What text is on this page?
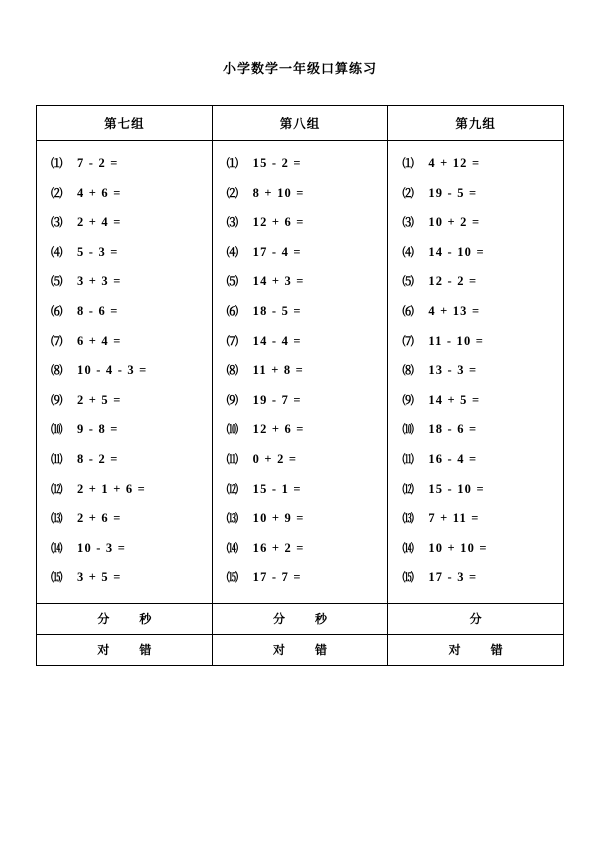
小学数学一年级口算练习
第七组	第八组	第九组

⑴ 7 - 2 =
⑵ 4 + 6 =
⑶ 2 + 4 =
⑷ 5 - 3 =
⑸ 3 + 3 =
⑹ 8 - 6 =
⑺ 6 + 4 =
⑻ 10 - 4 - 3 =
⑼ 2 + 5 =
⑽ 9 - 8 =
⑾ 8 - 2 =
⑿ 2 + 1 + 6 =
⒀ 2 + 6 =
⒁ 10 - 3 =
⒂ 3 + 5 =

⑴ 15 - 2 =
⑵ 8 + 10 =
⑶ 12 + 6 =
⑷ 17 - 4 =
⑸ 14 + 3 =
⑹ 18 - 5 =
⑺ 14 - 4 =
⑻ 11 + 8 =
⑼ 19 - 7 =
⑽ 12 + 6 =
⑾ 0 + 2 =
⑿ 15 - 1 =
⒀ 10 + 9 =
⒁ 16 + 2 =
⒂ 17 - 7 =

⑴ 4 + 12 =
⑵ 19 - 5 =
⑶ 10 + 2 =
⑷ 14 - 10 =
⑸ 12 - 2 =
⑹ 4 + 13 =
⑺ 11 - 10 =
⑻ 13 - 3 =
⑼ 14 + 5 =
⑽ 18 - 6 =
⑾ 16 - 4 =
⑿ 15 - 10 =
⒀ 7 + 11 =
⒁ 10 + 10 =
⒂ 17 - 3 =

分 秒	分 秒	分

对 错	对 错	对 错
